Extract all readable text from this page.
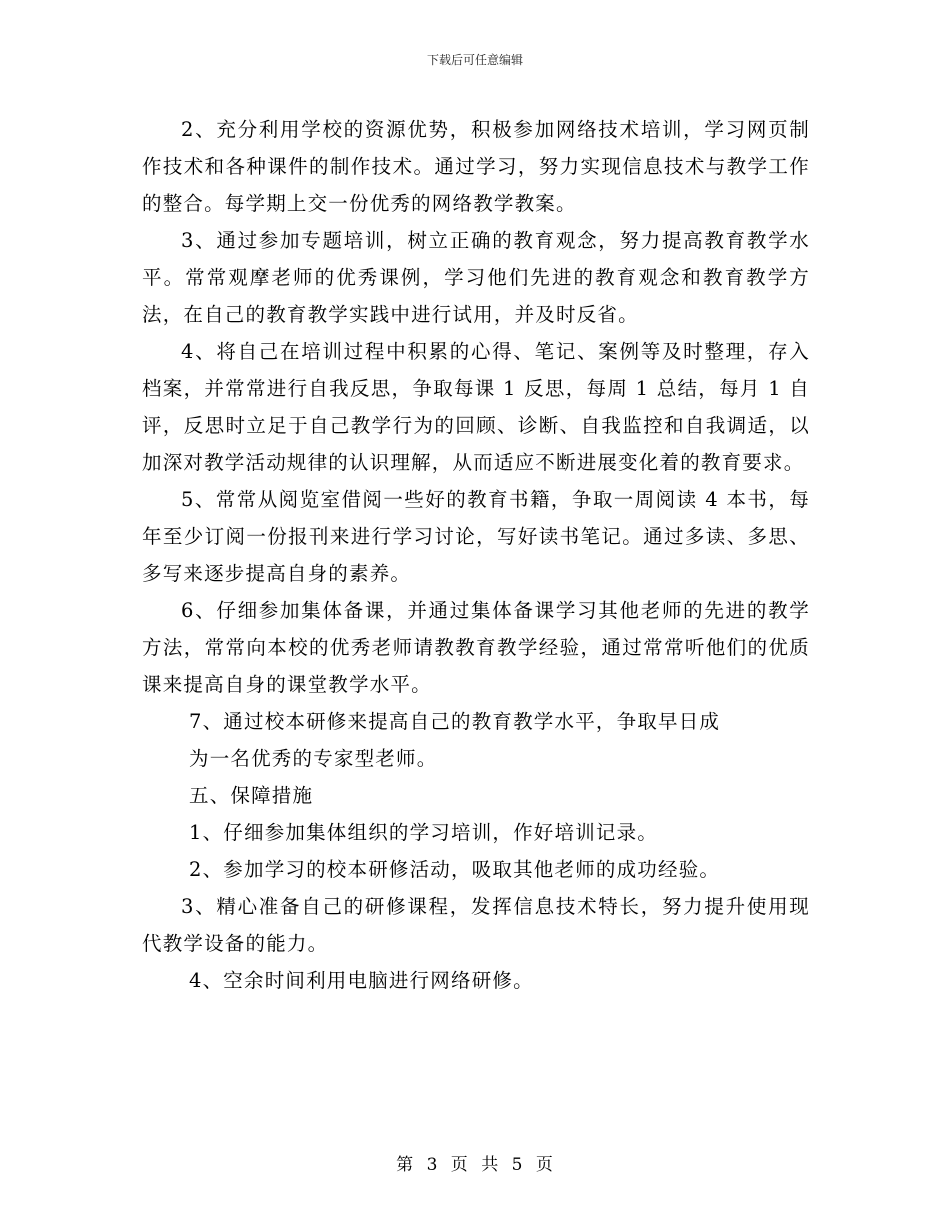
下载后可任意编辑

2、充分利用学校的资源优势，积极参加网络技术培训，学习网页制作技术和各种课件的制作技术。通过学习，努力实现信息技术与教学工作的整合。每学期上交一份优秀的网络教学教案。

3、通过参加专题培训，树立正确的教育观念，努力提高教育教学水平。常常观摩老师的优秀课例，学习他们先进的教育观念和教育教学方法，在自己的教育教学实践中进行试用，并及时反省。

4、将自己在培训过程中积累的心得、笔记、案例等及时整理，存入档案，并常常进行自我反思，争取每课 1 反思，每周 1 总结，每月 1 自评，反思时立足于自己教学行为的回顾、诊断、自我监控和自我调适，以加深对教学活动规律的认识理解，从而适应不断进展变化着的教育要求。

5、常常从阅览室借阅一些好的教育书籍，争取一周阅读 4 本书，每年至少订阅一份报刊来进行学习讨论，写好读书笔记。通过多读、多思、多写来逐步提高自身的素养。

6、仔细参加集体备课，并通过集体备课学习其他老师的先进的教学方法，常常向本校的优秀老师请教教育教学经验，通过常常听他们的优质课来提高自身的课堂教学水平。

7、通过校本研修来提高自己的教育教学水平，争取早日成

为一名优秀的专家型老师。

五、保障措施

1、仔细参加集体组织的学习培训，作好培训记录。

2、参加学习的校本研修活动，吸取其他老师的成功经验。

3、精心准备自己的研修课程，发挥信息技术特长，努力提升使用现代教学设备的能力。

4、空余时间利用电脑进行网络研修。

第 3 页 共 5 页
